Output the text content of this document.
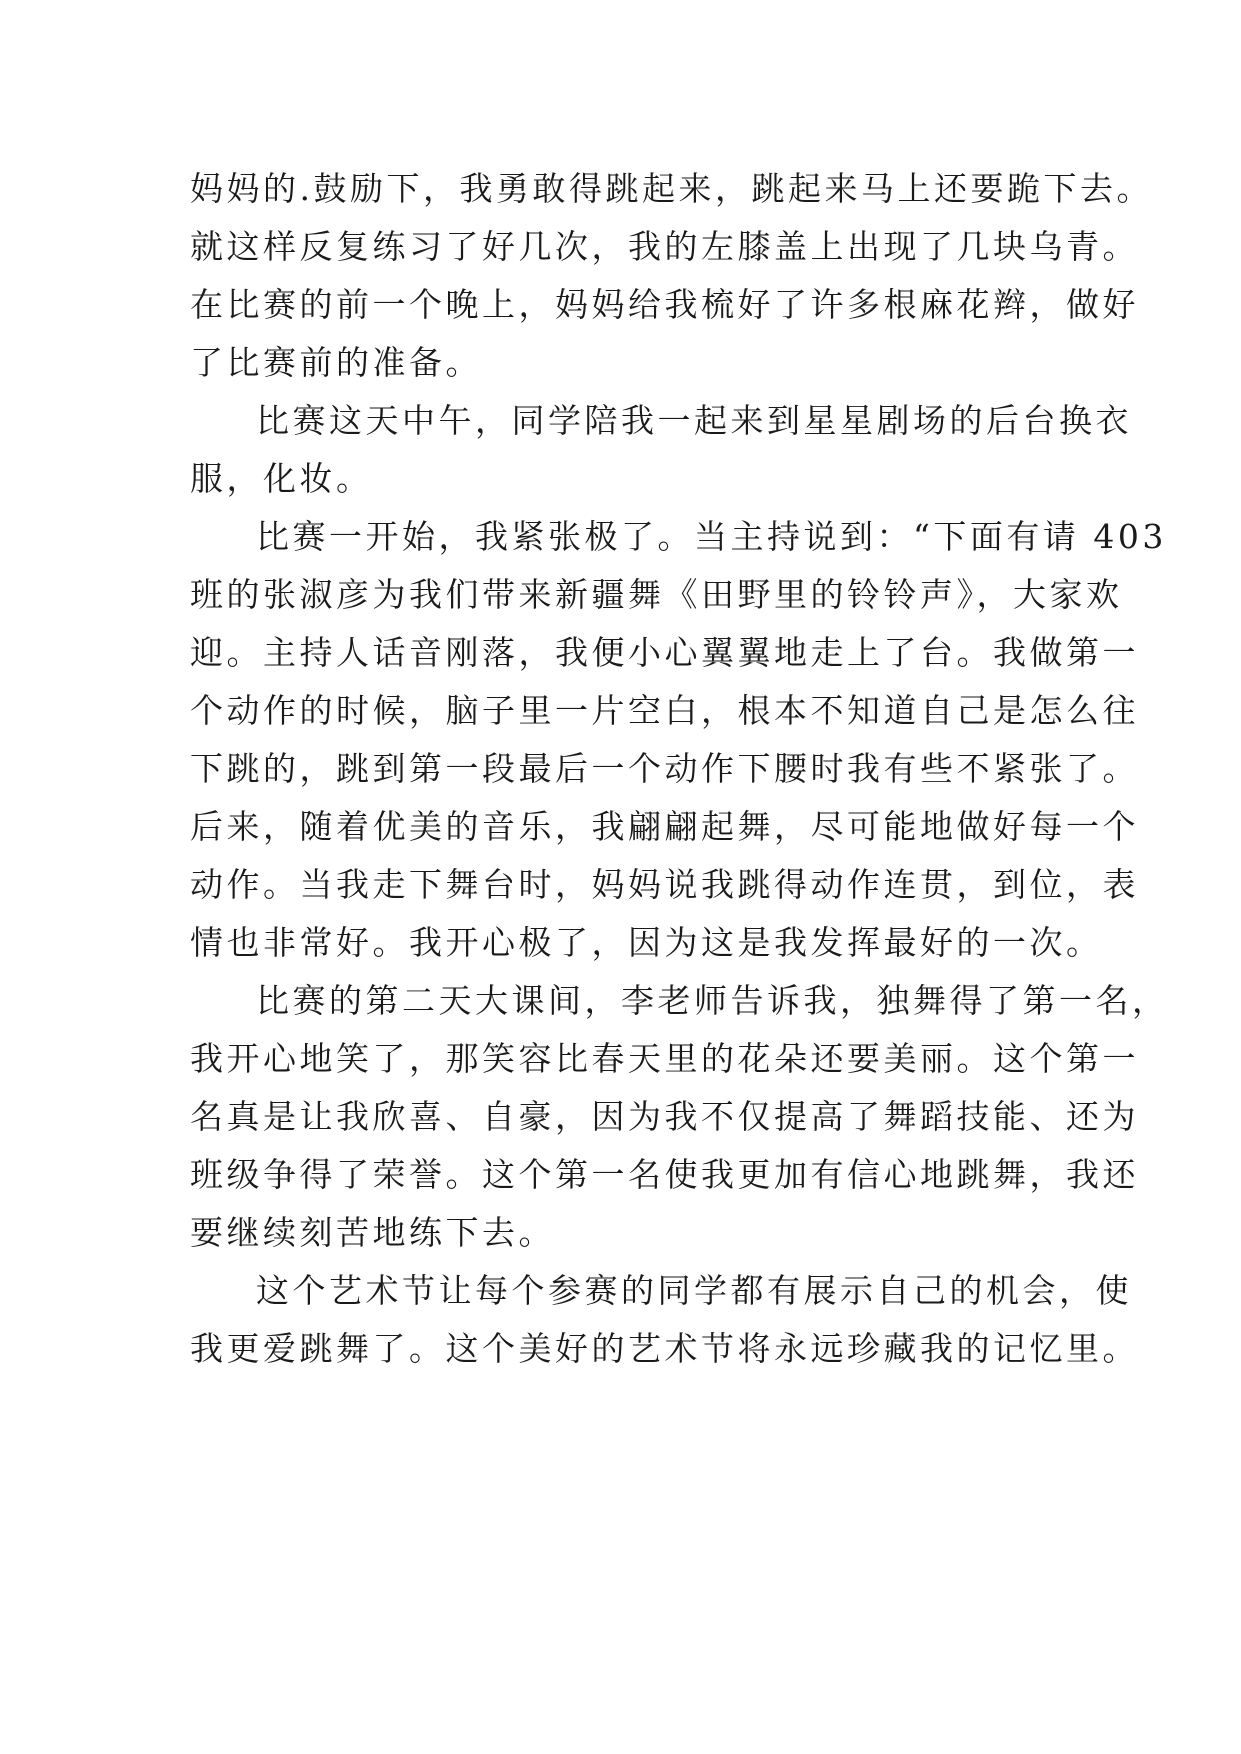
妈妈的.鼓励下，我勇敢得跳起来，跳起来马上还要跪下去。
就这样反复练习了好几次，我的左膝盖上出现了几块乌青。
在比赛的前一个晚上，妈妈给我梳好了许多根麻花辫，做好
了比赛前的准备。
比赛这天中午，同学陪我一起来到星星剧场的后台换衣
服，化妆。
比赛一开始，我紧张极了。当主持说到：“下面有请 403
班的张淑彦为我们带来新疆舞《田野里的铃铃声》，大家欢
迎。主持人话音刚落，我便小心翼翼地走上了台。我做第一
个动作的时候，脑子里一片空白，根本不知道自己是怎么往
下跳的，跳到第一段最后一个动作下腰时我有些不紧张了。
后来，随着优美的音乐，我翩翩起舞，尽可能地做好每一个
动作。当我走下舞台时，妈妈说我跳得动作连贯，到位，表
情也非常好。我开心极了，因为这是我发挥最好的一次。
比赛的第二天大课间，李老师告诉我，独舞得了第一名，
我开心地笑了，那笑容比春天里的花朵还要美丽。这个第一
名真是让我欣喜、自豪，因为我不仅提高了舞蹈技能、还为
班级争得了荣誉。这个第一名使我更加有信心地跳舞，我还
要继续刻苦地练下去。
这个艺术节让每个参赛的同学都有展示自己的机会，使
我更爱跳舞了。这个美好的艺术节将永远珍藏我的记忆里。
